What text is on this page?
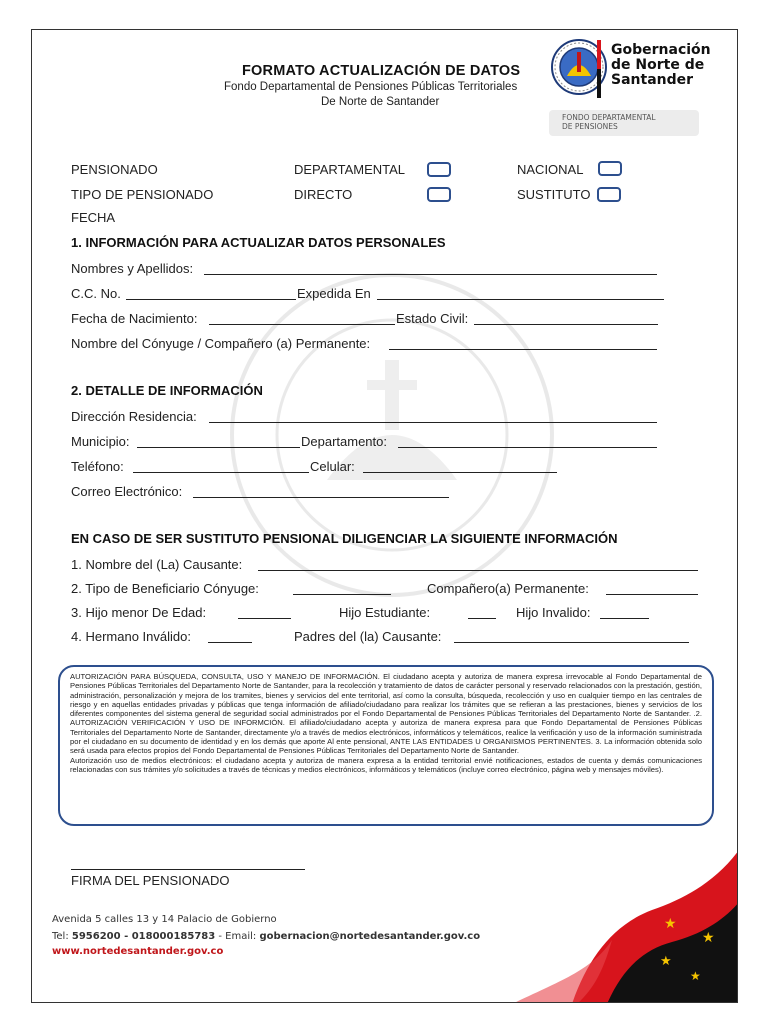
FORMATO ACTUALIZACIÓN DE DATOS
Fondo Departamental de Pensiones Públicas Territoriales
De Norte de Santander
Gobernación
de Norte de
Santander
FONDO DEPARTAMENTAL
DE PENSIONES
PENSIONADO	DEPARTAMENTAL	NACIONAL
TIPO DE PENSIONADO	DIRECTO	SUSTITUTO
FECHA
1. INFORMACIÓN PARA ACTUALIZAR DATOS PERSONALES
Nombres y Apellidos:
C.C. No.	Expedida En
Fecha de Nacimiento:	Estado Civil:
Nombre del Cónyuge / Compañero (a) Permanente:
2. DETALLE DE INFORMACIÓN
Dirección Residencia:
Municipio:	Departamento:
Teléfono:	Celular:
Correo Electrónico:
EN CASO DE SER SUSTITUTO PENSIONAL DILIGENCIAR LA SIGUIENTE INFORMACIÓN
1. Nombre del (La) Causante:
2. Tipo de Beneficiario Cónyuge:	Compañero(a) Permanente:
3. Hijo menor De Edad:	Hijo Estudiante:	Hijo Invalido:
4. Hermano Inválido:	Padres del (la) Causante:

AUTORIZACIÓN PARA BÚSQUEDA, CONSULTA, USO Y MANEJO DE INFORMACIÓN. El ciudadano acepta y autoriza de manera expresa irrevocable al Fondo Departamental de Pensiones Públicas Territoriales del Departamento Norte de Santander, para la recolección y tratamiento de datos de carácter personal y reservado relacionados con la prestación, gestión, administración, personalización y mejora de los tramites, bienes y servicios del ente territorial, así como la consulta, búsqueda, recolección y uso en cualquier tiempo en las centrales de riesgo y en aquellas entidades privadas y públicas que tenga información de afiliado/ciudadano para realizar los trámites que se refieran a las prestaciones, bienes y servicios de los diferentes componentes del sistema general de seguridad social administrados por el Fondo Departamental de Pensiones Públicas Territoriales del Departamento Norte de Santander. .2. AUTORIZACIÓN VERIFICACIÓN Y USO DE INFORMCIÓN. El afiliado/ciudadano acepta y autoriza de manera expresa para que Fondo Departamental de Pensiones Públicas Territoriales del Departamento Norte de Santander, directamente y/o a través de medios electrónicos, informáticos y telemáticos, realice la verificación y uso de la información suministrada por el ciudadano en su documento de identidad y en los demás que aporte Al ente pensional, ANTE LAS ENTIDADES U ORGANISMOS PERTINENTES. 3. La información obtenida solo será usada para efectos propios del Fondo Departamental de Pensiones Públicas Territoriales del Departamento Norte de Santander.

Autorización uso de medios electrónicos: el ciudadano acepta y autoriza de manera expresa a la entidad territorial envié notificaciones, estados de cuenta y demás comunicaciones relacionadas con sus trámites y/o solicitudes a través de técnicas y medios electrónicos, informáticos y telemáticos (incluye correo electrónico, página web y mensajes móviles).

FIRMA DEL PENSIONADO
Avenida 5 calles 13 y 14 Palacio de Gobierno
Tel: 5956200 - 018000185783 - Email: gobernacion@nortedesantander.gov.co
www.nortedesantander.gov.co
★
★
★
★
